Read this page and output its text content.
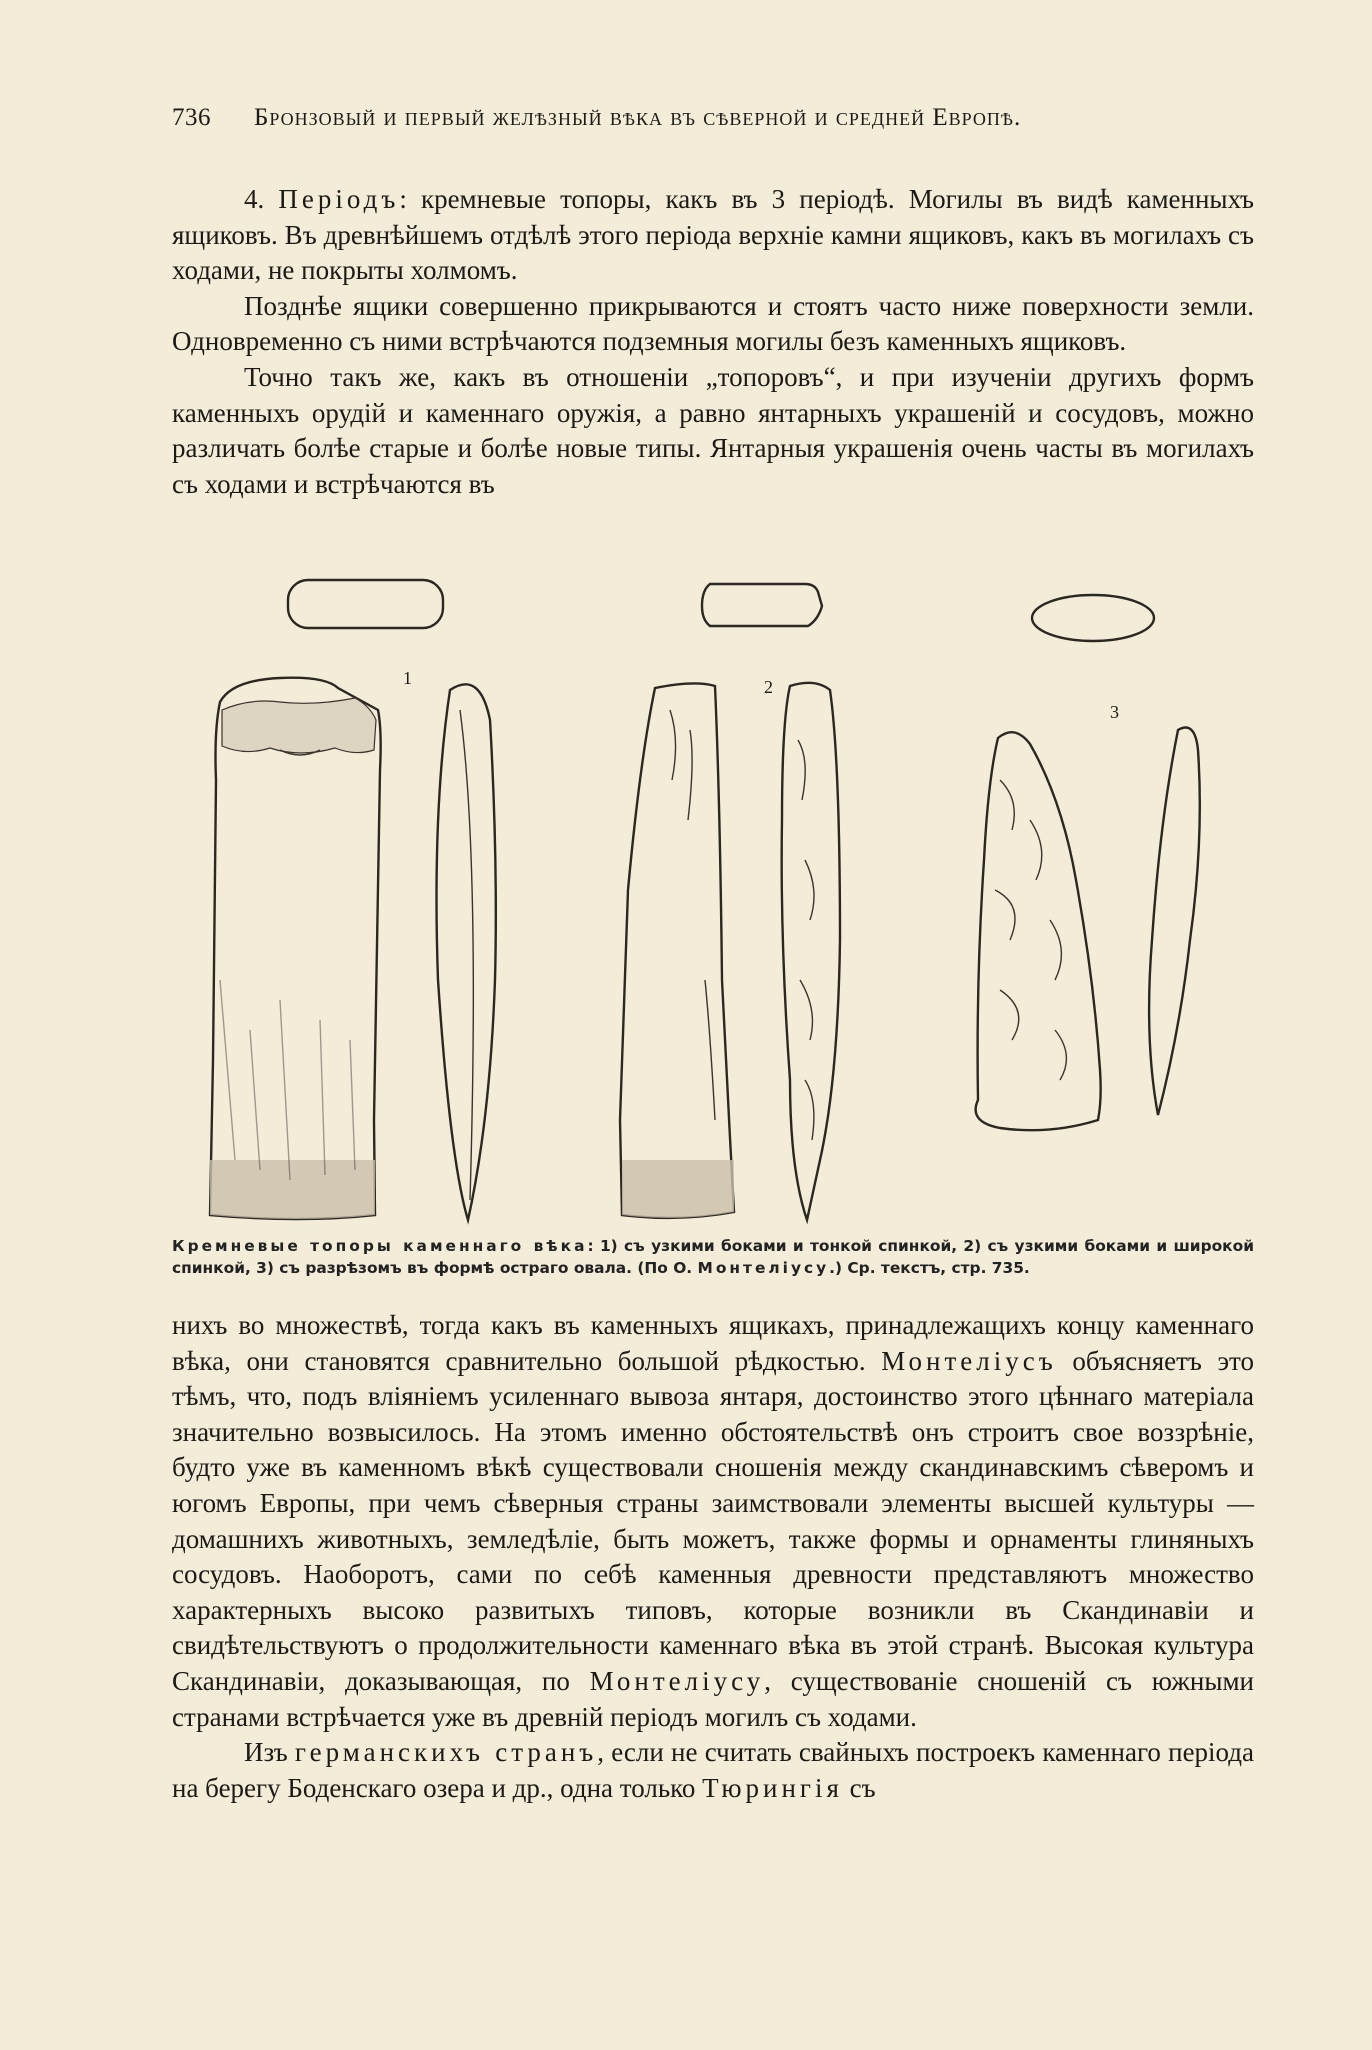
736 Бронзовый и первый желѣзный вѣка въ сѣверной и средней Европѣ.

4. Періодъ: кремневые топоры, какъ въ 3 періодѣ. Могилы въ видѣ каменныхъ ящиковъ. Въ древнѣйшемъ отдѣлѣ этого періода верхніе камни ящиковъ, какъ въ могилахъ съ ходами, не покрыты холмомъ.

Позднѣе ящики совершенно прикрываются и стоятъ часто ниже поверхности земли. Одновременно съ ними встрѣчаются подземныя могилы безъ каменныхъ ящиковъ.

Точно такъ же, какъ въ отношеніи „топоровъ“, и при изученіи другихъ формъ каменныхъ орудій и каменнаго оружія, а равно янтарныхъ украшеній и сосудовъ, можно различать болѣе старые и болѣе новые типы. Янтарныя украшенія очень часты въ могилахъ съ ходами и встрѣчаются въ

1	2
3
Кремневые топоры каменнаго вѣка: 1) съ узкими боками и тонкой спинкой, 2) съ узкими боками и широкой спинкой, 3) съ разрѣзомъ въ формѣ остраго овала. (По О. Монтеліусу.) Ср. текстъ, стр. 735.

нихъ во множествѣ, тогда какъ въ каменныхъ ящикахъ, принадлежащихъ концу каменнаго вѣка, они становятся сравнительно большой рѣдкостью. Монтеліусъ объясняетъ это тѣмъ, что, подъ вліяніемъ усиленнаго вывоза янтаря, достоинство этого цѣннаго матеріала значительно возвысилось. На этомъ именно обстоятельствѣ онъ строитъ свое воззрѣніе, будто уже въ каменномъ вѣкѣ существовали сношенія между скандинавскимъ сѣверомъ и югомъ Европы, при чемъ сѣверныя страны заимствовали элементы высшей культуры — домашнихъ животныхъ, земледѣліе, быть можетъ, также формы и орнаменты глиняныхъ сосудовъ. Наоборотъ, сами по себѣ каменныя древности представляютъ множество характерныхъ высоко развитыхъ типовъ, которые возникли въ Скандинавіи и свидѣтельствуютъ о продолжительности каменнаго вѣка въ этой странѣ. Высокая культура Скандинавіи, доказывающая, по Монтеліусу, существованіе сношеній съ южными странами встрѣчается уже въ древній періодъ могилъ съ ходами.

Изъ германскихъ странъ, если не считать свайныхъ построекъ каменнаго періода на берегу Боденскаго озера и др., одна только Тюрингія съ
